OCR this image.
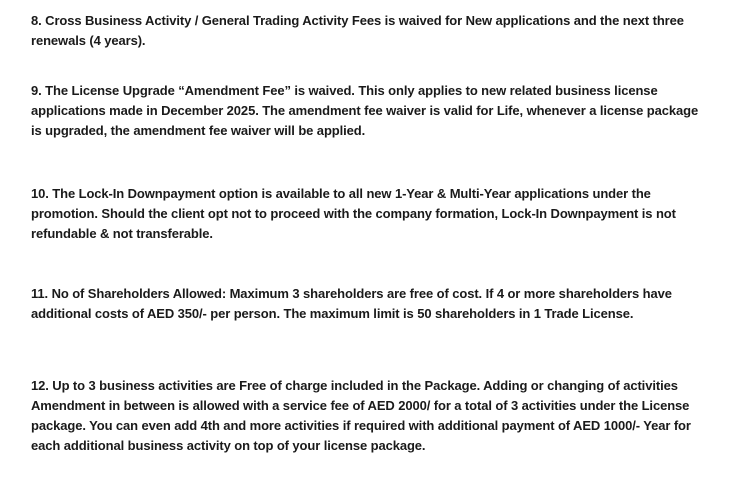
8. Cross Business Activity / General Trading Activity Fees is waived for New applications and the next three renewals (4 years).

9. The License Upgrade “Amendment Fee” is waived. This only applies to new related business license applications made in December 2025. The amendment fee waiver is valid for Life, whenever a license package is upgraded, the amendment fee waiver will be applied.

10. The Lock-In Downpayment option is available to all new 1-Year & Multi-Year applications under the promotion. Should the client opt not to proceed with the company formation, Lock-In Downpayment is not refundable & not transferable.

11. No of Shareholders Allowed: Maximum 3 shareholders are free of cost. If 4 or more shareholders have additional costs of AED 350/- per person. The maximum limit is 50 shareholders in 1 Trade License.

12. Up to 3 business activities are Free of charge included in the Package. Adding or changing of activities Amendment in between is allowed with a service fee of AED 2000/ for a total of 3 activities under the License package. You can even add 4th and more activities if required with additional payment of AED 1000/- Year for each additional business activity on top of your license package.
